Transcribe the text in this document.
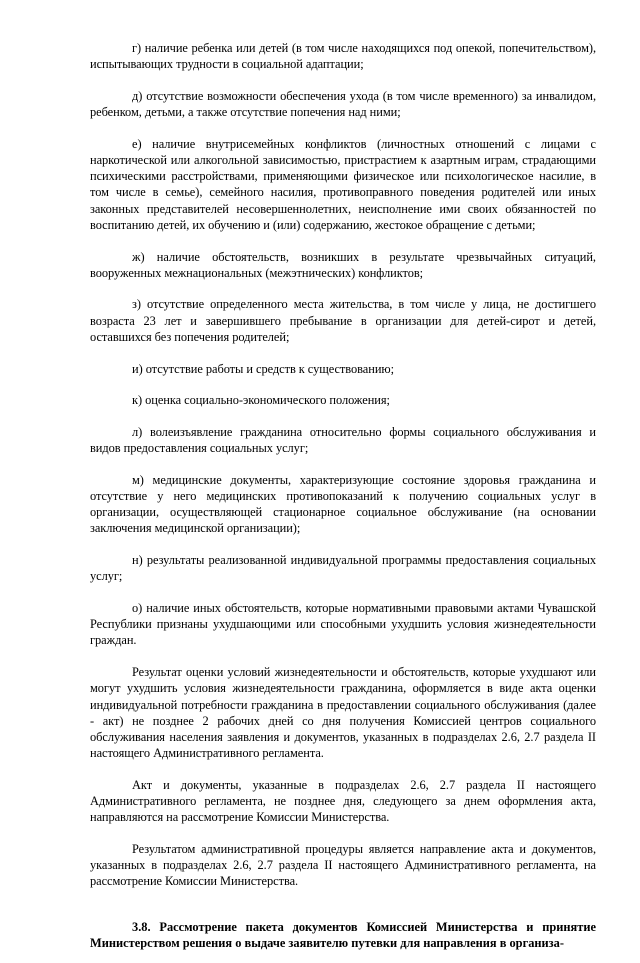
г) наличие ребенка или детей (в том числе находящихся под опекой, попечительством), испытывающих трудности в социальной адаптации;

д) отсутствие возможности обеспечения ухода (в том числе временного) за инвалидом, ребенком, детьми, а также отсутствие попечения над ними;

е) наличие внутрисемейных конфликтов (личностных отношений с лицами с наркотической или алкогольной зависимостью, пристрастием к азартным играм, страдающими психическими расстройствами, применяющими физическое или психологическое насилие, в том числе в семье), семейного насилия, противоправного поведения родителей или иных законных представителей несовершеннолетних, неисполнение ими своих обязанностей по воспитанию детей, их обучению и (или) содержанию, жестокое обращение с детьми;

ж) наличие обстоятельств, возникших в результате чрезвычайных ситуаций, вооруженных межнациональных (межэтнических) конфликтов;

з) отсутствие определенного места жительства, в том числе у лица, не достигшего возраста 23 лет и завершившего пребывание в организации для детей-сирот и детей, оставшихся без попечения родителей;

и) отсутствие работы и средств к существованию;

к) оценка социально-экономического положения;

л) волеизъявление гражданина относительно формы социального обслуживания и видов предоставления социальных услуг;

м) медицинские документы, характеризующие состояние здоровья гражданина и отсутствие у него медицинских противопоказаний к получению социальных услуг в организации, осуществляющей стационарное социальное обслуживание (на основании заключения медицинской организации);

н) результаты реализованной индивидуальной программы предоставления социальных услуг;

о) наличие иных обстоятельств, которые нормативными правовыми актами Чувашской Республики признаны ухудшающими или способными ухудшить условия жизнедеятельности граждан.

Результат оценки условий жизнедеятельности и обстоятельств, которые ухудшают или могут ухудшить условия жизнедеятельности гражданина, оформляется в виде акта оценки индивидуальной потребности гражданина в предоставлении социального обслуживания (далее - акт) не позднее 2 рабочих дней со дня получения Комиссией центров социального обслуживания населения заявления и документов, указанных в подразделах 2.6, 2.7 раздела II настоящего Административного регламента.

Акт и документы, указанные в подразделах 2.6, 2.7 раздела II настоящего Административного регламента, не позднее дня, следующего за днем оформления акта, направляются на рассмотрение Комиссии Министерства.

Результатом административной процедуры является направление акта и документов, указанных в подразделах 2.6, 2.7 раздела II настоящего Административного регламента, на рассмотрение Комиссии Министерства.

3.8. Рассмотрение пакета документов Комиссией Министерства и принятие Министерством решения о выдаче заявителю путевки для направления в организа-
